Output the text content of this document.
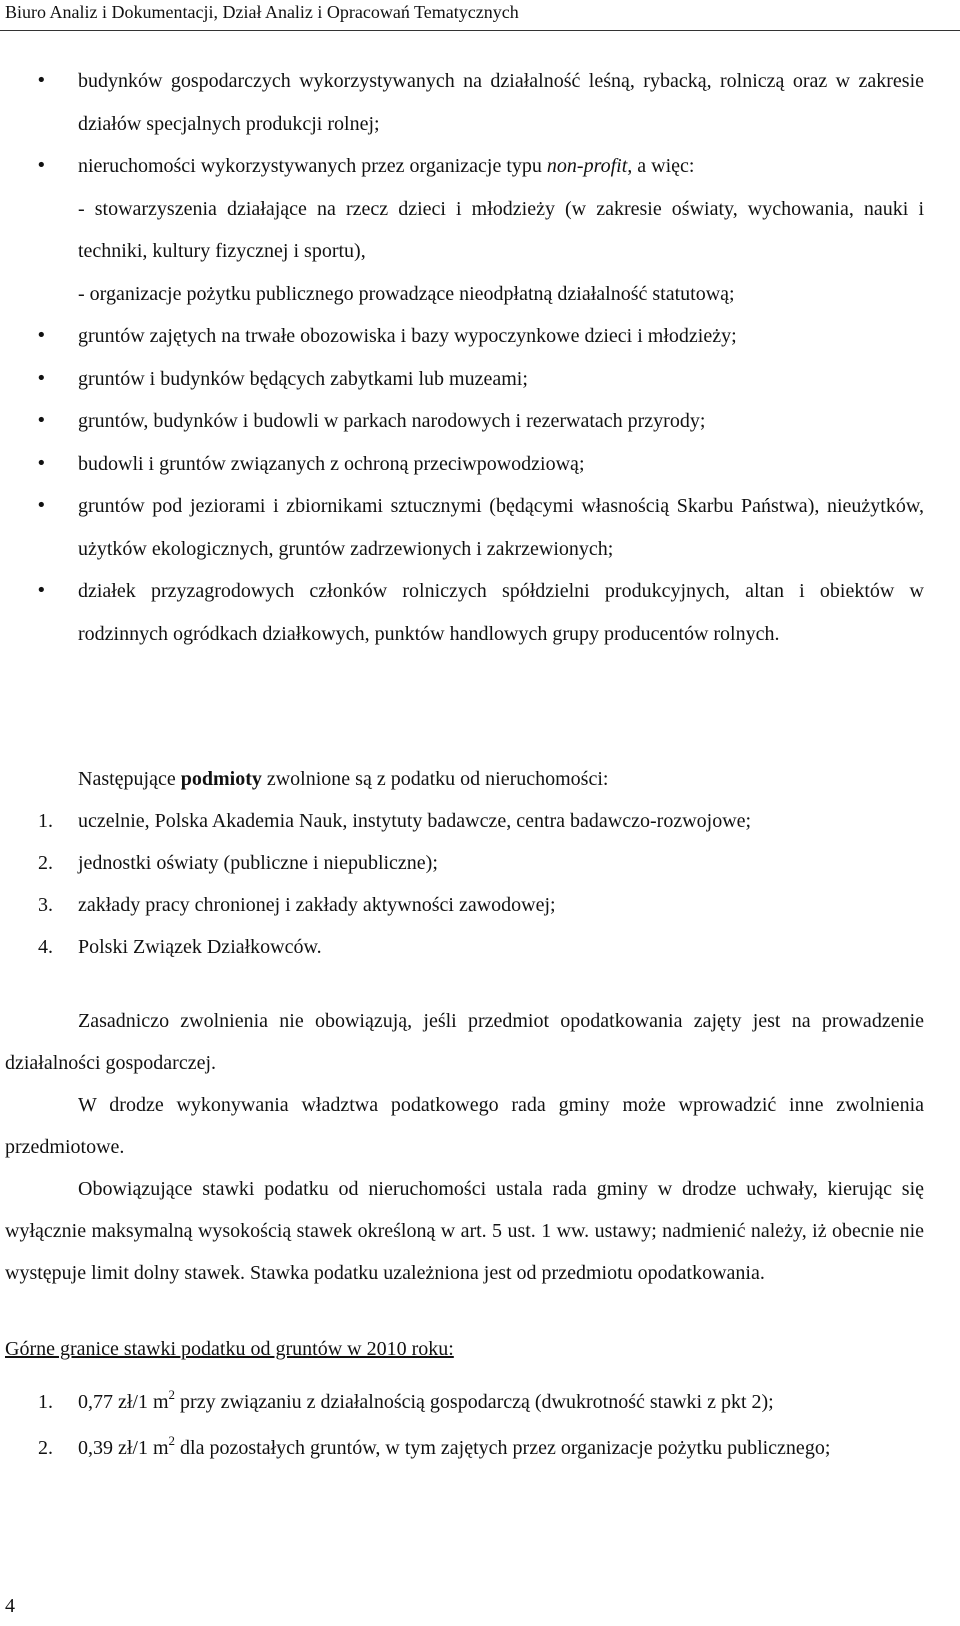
Biuro Analiz i Dokumentacji, Dział Analiz i Opracowań Tematycznych
• budynków gospodarczych wykorzystywanych na działalność leśną, rybacką, rolniczą oraz w zakresie działów specjalnych produkcji rolnej;
• nieruchomości wykorzystywanych przez organizacje typu non-profit, a więc:
- stowarzyszenia działające na rzecz dzieci i młodzieży (w zakresie oświaty, wychowania, nauki i techniki, kultury fizycznej i sportu),
- organizacje pożytku publicznego prowadzące nieodpłatną działalność statutową;
• gruntów zajętych na trwałe obozowiska i bazy wypoczynkowe dzieci i młodzieży;
• gruntów i budynków będących zabytkami lub muzeami;
• gruntów, budynków i budowli w parkach narodowych i rezerwatach przyrody;
• budowli i gruntów związanych z ochroną przeciwpowodziową;
• gruntów pod jeziorami i zbiornikami sztucznymi (będącymi własnością Skarbu Państwa), nieużytków, użytków ekologicznych, gruntów zadrzewionych i zakrzewionych;
• działek przyzagrodowych członków rolniczych spółdzielni produkcyjnych, altan i obiektów w rodzinnych ogródkach działkowych, punktów handlowych grupy producentów rolnych.
Następujące podmioty zwolnione są z podatku od nieruchomości:
1. uczelnie, Polska Akademia Nauk, instytuty badawcze, centra badawczo-rozwojowe;
2. jednostki oświaty (publiczne i niepubliczne);
3. zakłady pracy chronionej i zakłady aktywności zawodowej;
4. Polski Związek Działkowców.

Zasadniczo zwolnienia nie obowiązują, jeśli przedmiot opodatkowania zajęty jest na prowadzenie działalności gospodarczej.

W drodze wykonywania władztwa podatkowego rada gminy może wprowadzić inne zwolnienia przedmiotowe.

Obowiązujące stawki podatku od nieruchomości ustala rada gminy w drodze uchwały, kierując się wyłącznie maksymalną wysokością stawek określoną w art. 5 ust. 1 ww. ustawy; nadmienić należy, iż obecnie nie występuje limit dolny stawek. Stawka podatku uzależniona jest od przedmiotu opodatkowania.

Górne granice stawki podatku od gruntów w 2010 roku:
1. 0,77 zł/1 $m^2$ przy związaniu z działalnością gospodarczą (dwukrotność stawki z pkt 2);
2. 0,39 zł/1 $m^2$ dla pozostałych gruntów, w tym zajętych przez organizacje pożytku publicznego;
4
